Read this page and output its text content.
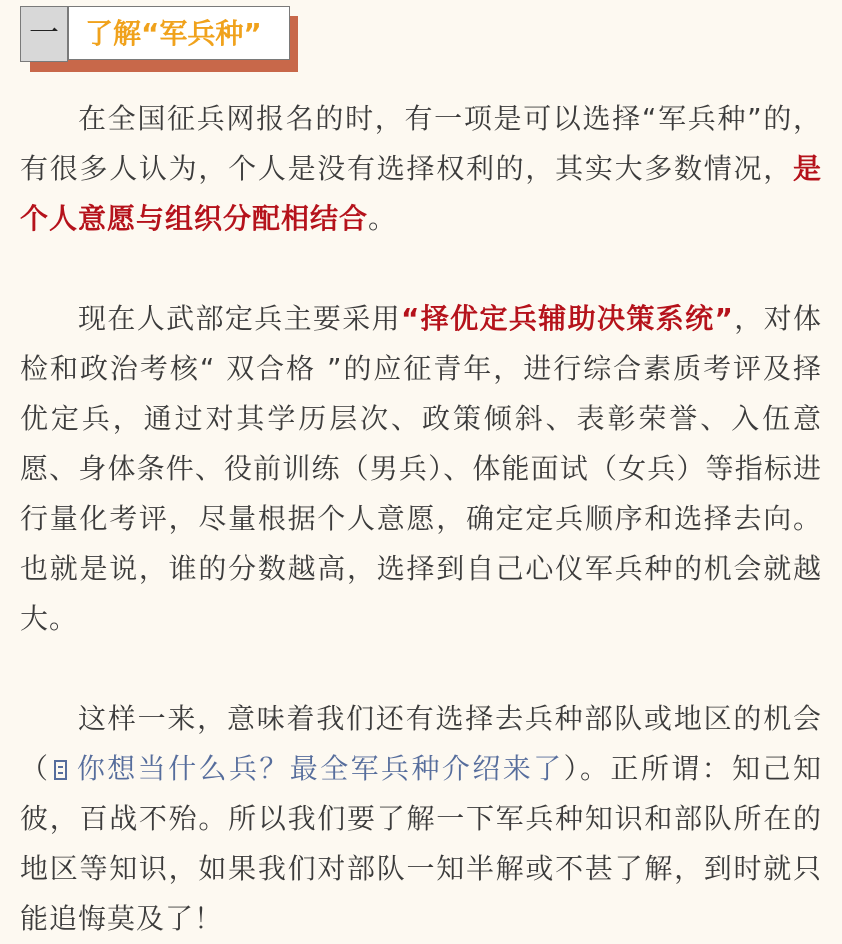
一 了解“军兵种”

在全国征兵网报名的时，有一项是可以选择“军兵种”的，有很多人认为，个人是没有选择权利的，其实大多数情况，是个人意愿与组织分配相结合。

现在人武部定兵主要采用“择优定兵辅助决策系统”，对体检和政治考核“ 双合格 ”的应征青年，进行综合素质考评及择优定兵，通过对其学历层次、政策倾斜、表彰荣誉、入伍意愿、身体条件、役前训练（男兵）、体能面试（女兵）等指标进行量化考评，尽量根据个人意愿，确定定兵顺序和选择去向。也就是说，谁的分数越高，选择到自己心仪军兵种的机会就越大。

这样一来，意味着我们还有选择去兵种部队或地区的机会（ 你想当什么兵？最全军兵种介绍来了）。正所谓：知己知彼，百战不殆。所以我们要了解一下军兵种知识和部队所在的地区等知识，如果我们对部队一知半解或不甚了解，到时就只能追悔莫及了！
